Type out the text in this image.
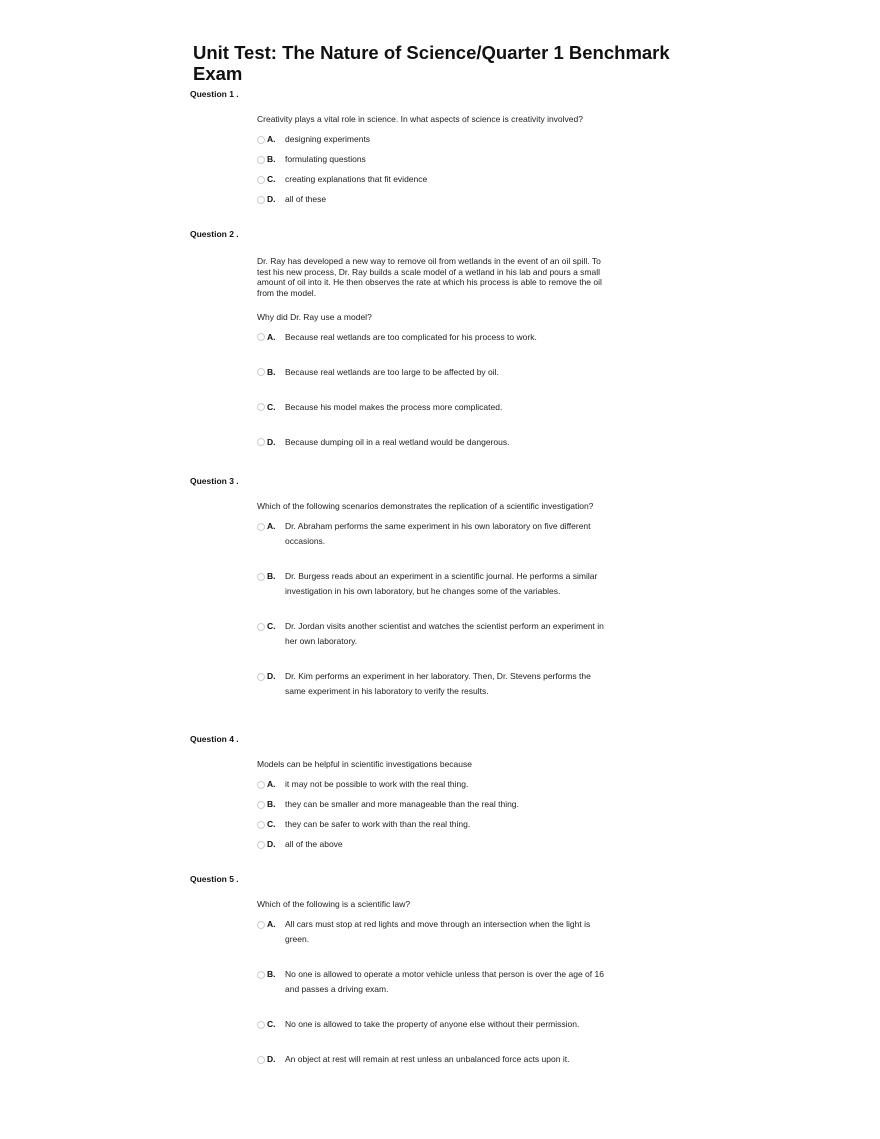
Unit Test: The Nature of Science/Quarter 1 Benchmark Exam
Question 1 .
Creativity plays a vital role in science. In what aspects of science is creativity involved?
A.	designing experiments
B.	formulating questions
C.	creating explanations that fit evidence
D.	all of these
Question 2 .
Dr. Ray has developed a new way to remove oil from wetlands in the event of an oil spill. To test his new process, Dr. Ray builds a scale model of a wetland in his lab and pours a small amount of oil into it. He then observes the rate at which his process is able to remove the oil from the model.
Why did Dr. Ray use a model?
A.	Because real wetlands are too complicated for his process to work.
B.	Because real wetlands are too large to be affected by oil.
C.	Because his model makes the process more complicated.
D.	Because dumping oil in a real wetland would be dangerous.
Question 3 .
Which of the following scenarios demonstrates the replication of a scientific investigation?
A.	Dr. Abraham performs the same experiment in his own laboratory on five different occasions.
B.	Dr. Burgess reads about an experiment in a scientific journal. He performs a similar investigation in his own laboratory, but he changes some of the variables.
C.	Dr. Jordan visits another scientist and watches the scientist perform an experiment in her own laboratory.
D.	Dr. Kim performs an experiment in her laboratory. Then, Dr. Stevens performs the same experiment in his laboratory to verify the results.
Question 4 .
Models can be helpful in scientific investigations because
A.	it may not be possible to work with the real thing.
B.	they can be smaller and more manageable than the real thing.
C.	they can be safer to work with than the real thing.
D.	all of the above
Question 5 .
Which of the following is a scientific law?
A.	All cars must stop at red lights and move through an intersection when the light is green.
B.	No one is allowed to operate a motor vehicle unless that person is over the age of 16 and passes a driving exam.
C.	No one is allowed to take the property of anyone else without their permission.
D.	An object at rest will remain at rest unless an unbalanced force acts upon it.
